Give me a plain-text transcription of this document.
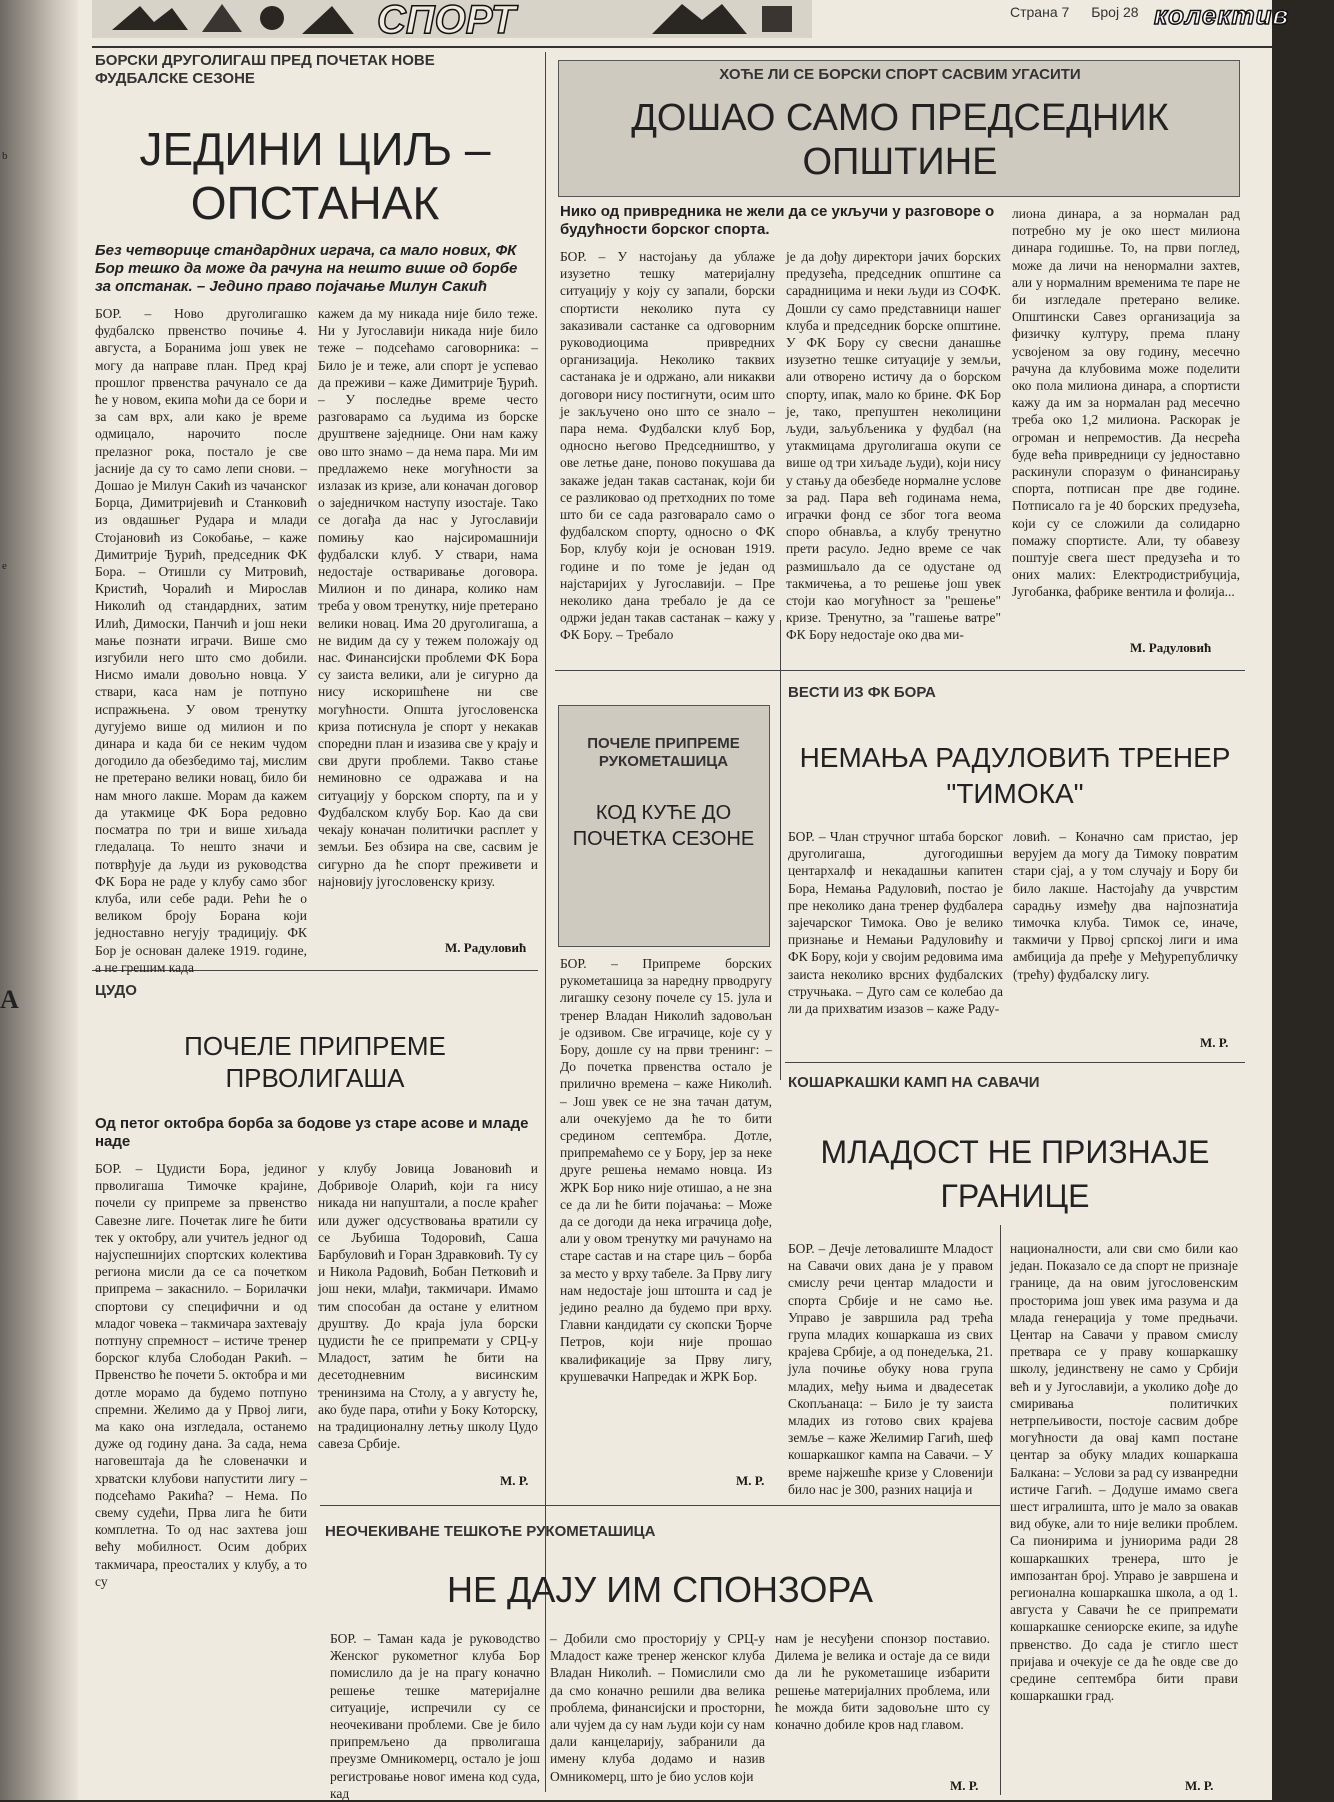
b
e
A
СПОРТ	Страна 7 Број 28 колектив
БОРСКИ ДРУГОЛИГАШ ПРЕД ПОЧЕТАК НОВЕ ФУДБАЛСКЕ СЕЗОНЕ
ЈЕДИНИ ЦИЉ – ОПСТАНАК
Без четворице стандардних играча, са мало нових, ФК Бор тешко да може да рачуна на нешто више од борбе за опстанак. – Једино право појачање Милун Сакић
БОР. – Ново друголигашко фудбалско првенство почиње 4. августа, а Боранима још увек не могу да направе план. Пред крај прошлог првенства рачунало се да ће у новом, екипа моћи да се бори и за сам врх, али како је време одмицало, нарочито после прелазног рока, постало је све јасније да су то само лепи снови. – Дошао је Милун Сакић из чачанског Борца, Димитријевић и Станковић из овдашњег Рудара и млади Стојановић из Сокобање, – каже Димитрије Ђурић, председник ФК Бора. – Отишли су Митровић, Кристић, Чоралић и Мирослав Николић од стандардних, затим Илић, Димоски, Панчић и још неки мање познати играчи. Више смо изгубили него што смо добили. Нисмо имали довољно новца. У ствари, каса нам је потпуно испражњена. У овом тренутку дугујемо више од милион и по динара и када би се неким чудом догодило да обезбедимо тај, мислим не претерано велики новац, било би нам много лакше. Морам да кажем да утакмице ФК Бора редовно посматра по три и више хиљада гледалаца. То нешто значи и потврђује да људи из руководства ФК Бора не раде у клубу само због клуба, или себе ради. Рећи ће о великом броју Борана који једноставно негују традицију. ФК Бор је основан далеке 1919. године, а не грешим када
кажем да му никада није било теже. Ни у Југославији никада није било теже – подсећамо саговорника: – Било је и теже, али спорт је успевао да преживи – каже Димитрије Ђурић. – У последње време често разговарамо са људима из борске друштвене заједнице. Они нам кажу ово што знамо – да нема пара. Ми им предлажемо неке могућности за излазак из кризе, али коначан договор о заједничком наступу изостаје. Тако се догађа да нас у Југославији помињу као најсиромашнији фудбалски клуб. У ствари, нама недостаје остваривање договора. Милион и по динара, колико нам треба у овом тренутку, није претерано велики новац. Има 20 друголигаша, а не видим да су у тежем положају од нас. Финансијски проблеми ФК Бора су заиста велики, али је сигурно да нису искоришћене ни све могућности. Општа југословенска криза потиснула је спорт у некакав споредни план и изазива све у крају и сви други проблеми. Такво стање неминовно се одражава и на ситуацију у борском спорту, па и у Фудбалском клубу Бор. Као да сви чекају коначан политички расплет у земљи. Без обзира на све, сасвим је сигурно да ће спорт преживети и најновију југословенску кризу.
М. Радуловић
ХОЋЕ ЛИ СЕ БОРСКИ СПОРТ САСВИМ УГАСИТИ
ДОШАО САМО ПРЕДСЕДНИК ОПШТИНЕ
Нико од привредника не жели да се укључи у разговоре о будућности борског спорта.
БОР. – У настојању да ублаже изузетно тешку материјалну ситуацију у коју су запали, борски спортисти неколико пута су заказивали састанке са одговорним руководиоцима привредних организација. Неколико таквих састанака је и одржано, али никакви договори нису постигнути, осим што је закључено оно што се знало – пара нема. Фудбалски клуб Бор, односно његово Председништво, у ове летње дане, поново покушава да закаже један такав састанак, који би се разликовао од претходних по томе што би се сада разговарало само о фудбалском спорту, односно о ФК Бор, клубу који је основан 1919. године и по томе је један од најстаријих у Југославији. – Пре неколико дана требало је да се одржи један такав састанак – кажу у ФК Бору. – Требало
је да дођу директори јачих борских предузећа, председник општине са сарадницима и неки људи из СОФК. Дошли су само представници нашег клуба и председник борске општине. У ФК Бору су свесни данашње изузетно тешке ситуације у земљи, али отворено истичу да о борском спорту, ипак, мало ко брине. ФК Бор је, тако, препуштен неколицини људи, заљубљеника у фудбал (на утакмицама друголигаша окупи се више од три хиљаде људи), који нису у стању да обезбеде нормалне услове за рад. Пара већ годинама нема, играчки фонд се због тога веома споро обнавља, а клубу тренутно прети расуло. Једно време се чак размишљало да се одустане од такмичења, а то решење још увек стоји као могућност за "решење" кризе. Тренутно, за "гашење ватре" ФК Бору недостаје око два ми-
лиона динара, а за нормалан рад потребно му је око шест милиона динара годишње. То, на први поглед, може да личи на ненормални захтев, али у нормалним временима те паре не би изгледале претерано велике. Општински Савез организација за физичку културу, према плану усвојеном за ову годину, месечно рачуна да клубовима може поделити око пола милиона динара, а спортисти кажу да им за нормалан рад месечно треба око 1,2 милиона. Раскорак је огроман и непремостив. Да несрећа буде већа привредници су једноставно раскинули споразум о финансирању спорта, потписан пре две године. Потписало га је 40 борских предузећа, који су се сложили да солидарно помажу спортисте. Али, ту обавезу поштује свега шест предузећа и то оних малих: Електродистрибуција, Југобанка, фабрике вентила и фолија...
М. Радуловић
ЦУДО
ПОЧЕЛЕ ПРИПРЕМЕ ПРВОЛИГАША
Од петог октобра борба за бодове уз старе асове и младе наде
БОР. – Цудисти Бора, јединог прволигаша Тимочке крајине, почели су припреме за првенство Савезне лиге. Почетак лиге ће бити тек у октобру, али учитељ једног од најуспешнијих спортских колектива региона мисли да се са почетком припрема – закаснило. – Борилачки спортови су специфични и од младог човека – такмичара захтевају потпуну спремност – истиче тренер борског клуба Слободан Ракић. – Првенство ће почети 5. октобра и ми дотле морамо да будемо потпуно спремни. Желимо да у Првој лиги, ма како она изгледала, останемо дуже од годину дана. За сада, нема наговештаја да ће словеначки и хрватски клубови напустити лигу – подсећамо Ракића? – Нема. По свему судећи, Прва лига ће бити комплетна. То од нас захтева још већу мобилност. Осим добрих такмичара, преосталих у клубу, а то су
у клубу Јовица Јовановић и Добривоје Оларић, који га нису никада ни напуштали, а после краћег или дужег одсуствовања вратили су се Љубиша Тодоровић, Саша Барбуловић и Горан Здравковић. Ту су и Никола Радовић, Бобан Петковић и још неки, млађи, такмичари. Имамо тим способан да остане у елитном друштву. До краја јула борски цудисти ће се припремати у СРЦ-у Младост, затим ће бити на десетодневним висинским тренинзима на Столу, а у августу ће, ако буде пара, отићи у Боку Которску, на традиционалну летњу школу Цудо савеза Србије.
М. Р.
ПОЧЕЛЕ ПРИПРЕМЕ РУКОМЕТАШИЦА
КОД КУЋЕ ДО ПОЧЕТКА СЕЗОНЕ
БОР. – Припреме борских рукометашица за наредну прводругу лигашку сезону почеле су 15. јула и тренер Владан Николић задовољан је одзивом. Све играчице, које су у Бору, дошле су на први тренинг: – До почетка првенства остало је прилично времена – каже Николић. – Још увек се не зна тачан датум, али очекујемо да ће то бити средином септембра. Дотле, припремаћемо се у Бору, јер за неке друге решења немамо новца. Из ЖРК Бор нико није отишао, а не зна се да ли ће бити појачања: – Може да се догоди да нека играчица дође, али у овом тренутку ми рачунамо на старе састав и на старе циљ – борба за место у врху табеле. За Прву лигу нам недостаје још штошта и сад је једино реално да будемо при врху. Главни кандидати су скопски Ђорче Петров, који није прошао квалификације за Прву лигу, крушевачки Напредак и ЖРК Бор.
М. Р.
ВЕСТИ ИЗ ФК БОРА
НЕМАЊА РАДУЛОВИЋ ТРЕНЕР "ТИМОКА"
БОР. – Члан стручног штаба борског друголигаша, дугогодишњи центархалф и некадашњи капитен Бора, Немања Радуловић, постао је пре неколико дана тренер фудбалера зајечарског Тимока. Ово је велико признање и Немањи Радуловићу и ФК Бору, који у својим редовима има заиста неколико врсних фудбалских стручњака. – Дуго сам се колебао да ли да прихватим изазов – каже Раду-
ловић. – Коначно сам пристао, јер верујем да могу да Тимоку повратим стари сјај, а у том случају и Бору би било лакше. Настојаћу да учврстим сарадњу између два најпознатија тимочка клуба. Тимок се, иначе, такмичи у Првој српској лиги и има амбиција да пређе у Међурепубличку (трећу) фудбалску лигу.
М. Р.
КОШАРКАШКИ КАМП НА САВАЧИ
МЛАДОСТ НЕ ПРИЗНАЈЕ ГРАНИЦЕ
БОР. – Дечје летовалиште Младост на Савачи ових дана је у правом смислу речи центар младости и спорта Србије и не само ње. Управо је завршила рад трећа група младих кошаркаша из свих крајева Србије, а од понедељка, 21. јула почиње обуку нова група младих, међу њима и двадесетак Скопљанаца: – Било је ту заиста младих из готово свих крајева земље – каже Желимир Гагић, шеф кошаркашког кампа на Савачи. – У време најжешће кризе у Словенији било нас је 300, разних нација и
националности, али сви смо били као један. Показало се да спорт не признаје границе, да на овим југословенским просторима још увек има разума и да млада генерација у томе предњачи. Центар на Савачи у правом смислу претвара се у праву кошаркашку школу, јединствену не само у Србији већ и у Југославији, а уколико дође до смиривања политичких нетрпељивости, постоје сасвим добре могућности да овај камп постане центар за обуку младих кошаркаша Балкана: – Услови за рад су изванредни истиче Гагић. – Додуше имамо свега шест игралишта, што је мало за овакав вид обуке, али то није велики проблем. Са пионирима и јуниорима ради 28 кошаркашких тренера, што је импозантан број. Управо је завршена и регионална кошаркашка школа, а од 1. августа у Савачи ће се припремати кошаркашке сениорске екипе, за идуће првенство. До сада је стигло шест пријава и очекује се да ће овде све до средине септембра бити прави кошаркашки град.
М. Р.
НЕОЧЕКИВАНЕ ТЕШКОЋЕ РУКОМЕТАШИЦА
НЕ ДАЈУ ИМ СПОНЗОРА
БОР. – Таман када је руководство Женског рукометног клуба Бор помислило да је на прагу коначно решење тешке материјалне ситуације, испречили су се неочекивани проблеми. Све је било припремљено да прволигаша преузме Омникомерц, остало је још регистровање новог имена код суда, кад
– Добили смо просторију у СРЦ-у Младост каже тренер женског клуба Владан Николић. – Помислили смо да смо коначно решили два велика проблема, финансијски и просторни, али чујем да су нам људи који су нам дали канцеларију, забранили да имену клуба додамо и назив Омникомерц, што је био услов који
нам је несуђени спонзор поставио. Дилема је велика и остаје да се види да ли ће рукометашице избарити решење материјалних проблема, или ће можда бити задовољне што су коначно добиле кров над главом.
М. Р.
